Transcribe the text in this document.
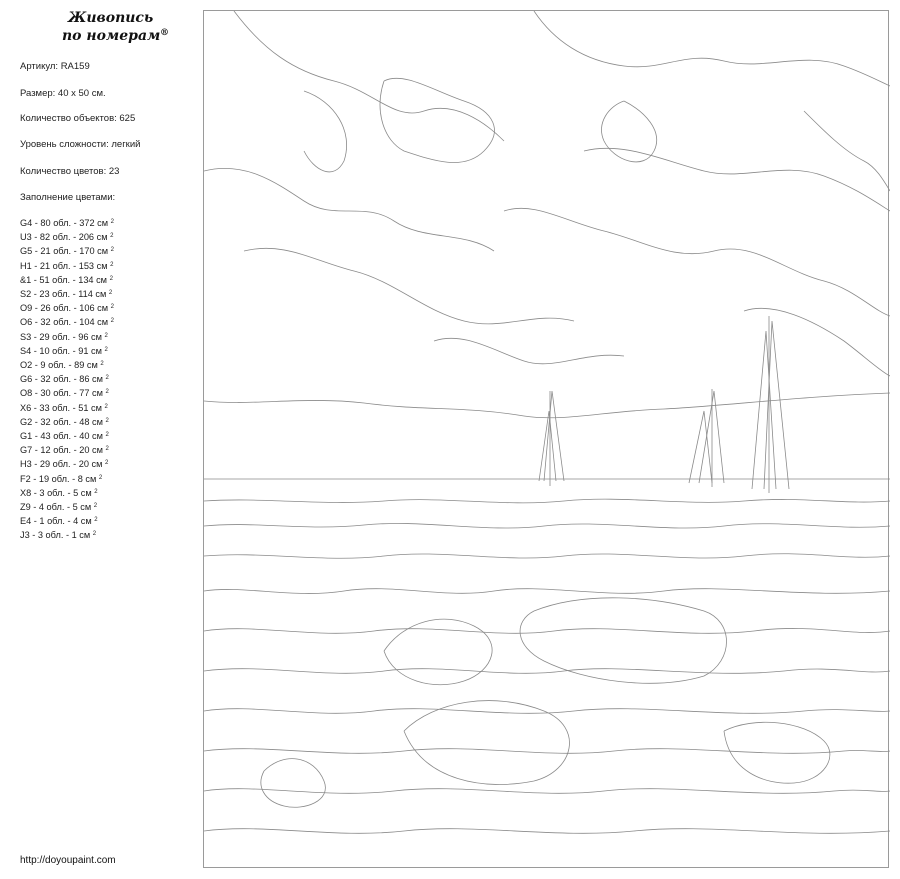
Живопись
по номерам ®
Артикул: RA159
Размер: 40 х 50 см.
Количество объектов: 625
Уровень сложности: легкий
Количество цветов: 23
Заполнение цветами:
G4 - 80 обл. - 372 см $^2$
U3 - 82 обл. - 206 см $^2$
G5 - 21 обл. - 170 см $^2$
H1 - 21 обл. - 153 см $^2$
&1 - 51 обл. - 134 см $^2$
S2 - 23 обл. - 114 см $^2$
O9 - 26 обл. - 106 см $^2$
O6 - 32 обл. - 104 см $^2$
S3 - 29 обл. - 96 см $^2$
S4 - 10 обл. - 91 см $^2$
O2 - 9 обл. - 89 см $^2$
G6 - 32 обл. - 86 см $^2$
O8 - 30 обл. - 77 см $^2$
X6 - 33 обл. - 51 см $^2$
G2 - 32 обл. - 48 см $^2$
G1 - 43 обл. - 40 см $^2$
G7 - 12 обл. - 20 см $^2$
H3 - 29 обл. - 20 см $^2$
F2 - 19 обл. - 8 см $^2$
X8 - 3 обл. - 5 см $^2$
Z9 - 4 обл. - 5 см $^2$
E4 - 1 обл. - 4 см $^2$
J3 - 3 обл. - 1 см $^2$
http://doyoupaint.com
